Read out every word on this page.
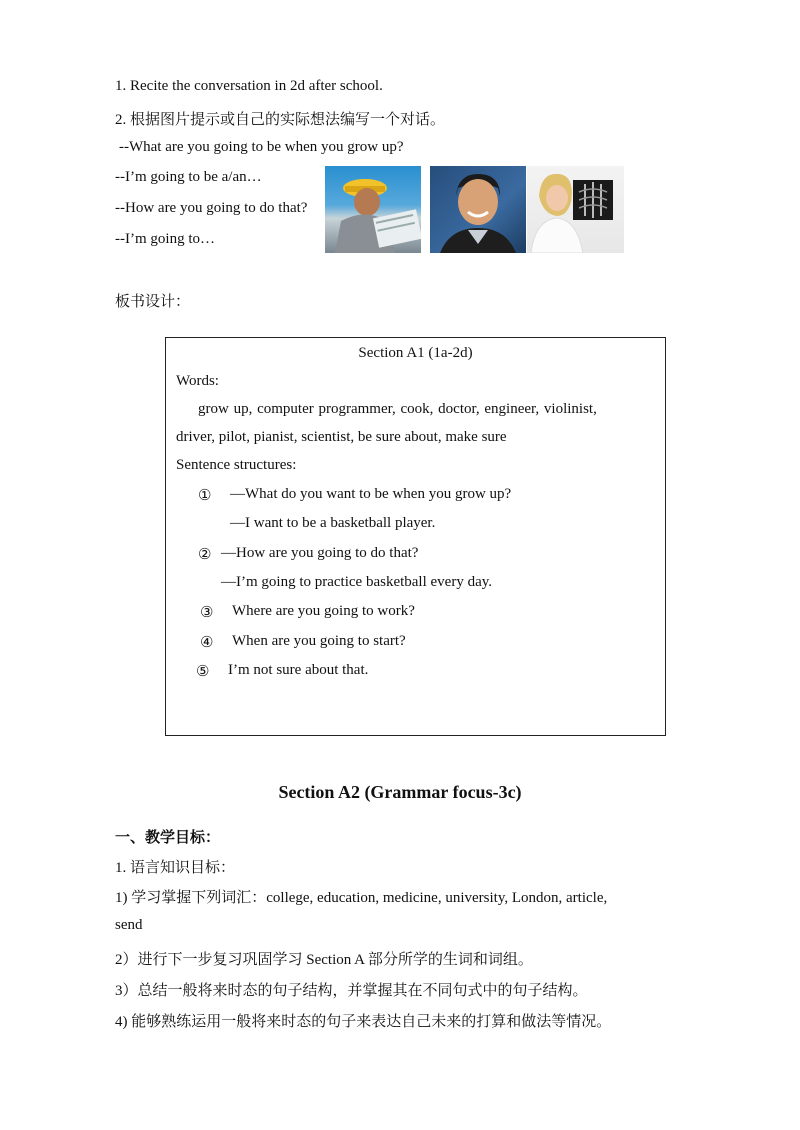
1. Recite the conversation in 2d after school.
2. 根据图片提示或自己的实际想法编写一个对话。
--What are you going to be when you grow up?
--I’m going to be a/an…
--How are you going to do that?
--I’m going to…
板书设计：
Section A1 (1a-2d)
Words:
grow up, computer programmer, cook, doctor, engineer, violinist,
driver, pilot, pianist, scientist, be sure about, make sure
Sentence structures:
① —What do you want to be when you grow up?
—I want to be a basketball player.
② —How are you going to do that?
—I’m going to practice basketball every day.
③ Where are you going to work?
④ When are you going to start?
⑤ I’m not sure about that.
Section A2 (Grammar focus-3c)
一、教学目标：
1. 语言知识目标：
1) 学习掌握下列词汇：college, education, medicine, university, London, article,
send
2）进行下一步复习巩固学习 Section A 部分所学的生词和词组。
3）总结一般将来时态的句子结构，并掌握其在不同句式中的句子结构。
4) 能够熟练运用一般将来时态的句子来表达自己未来的打算和做法等情况。
